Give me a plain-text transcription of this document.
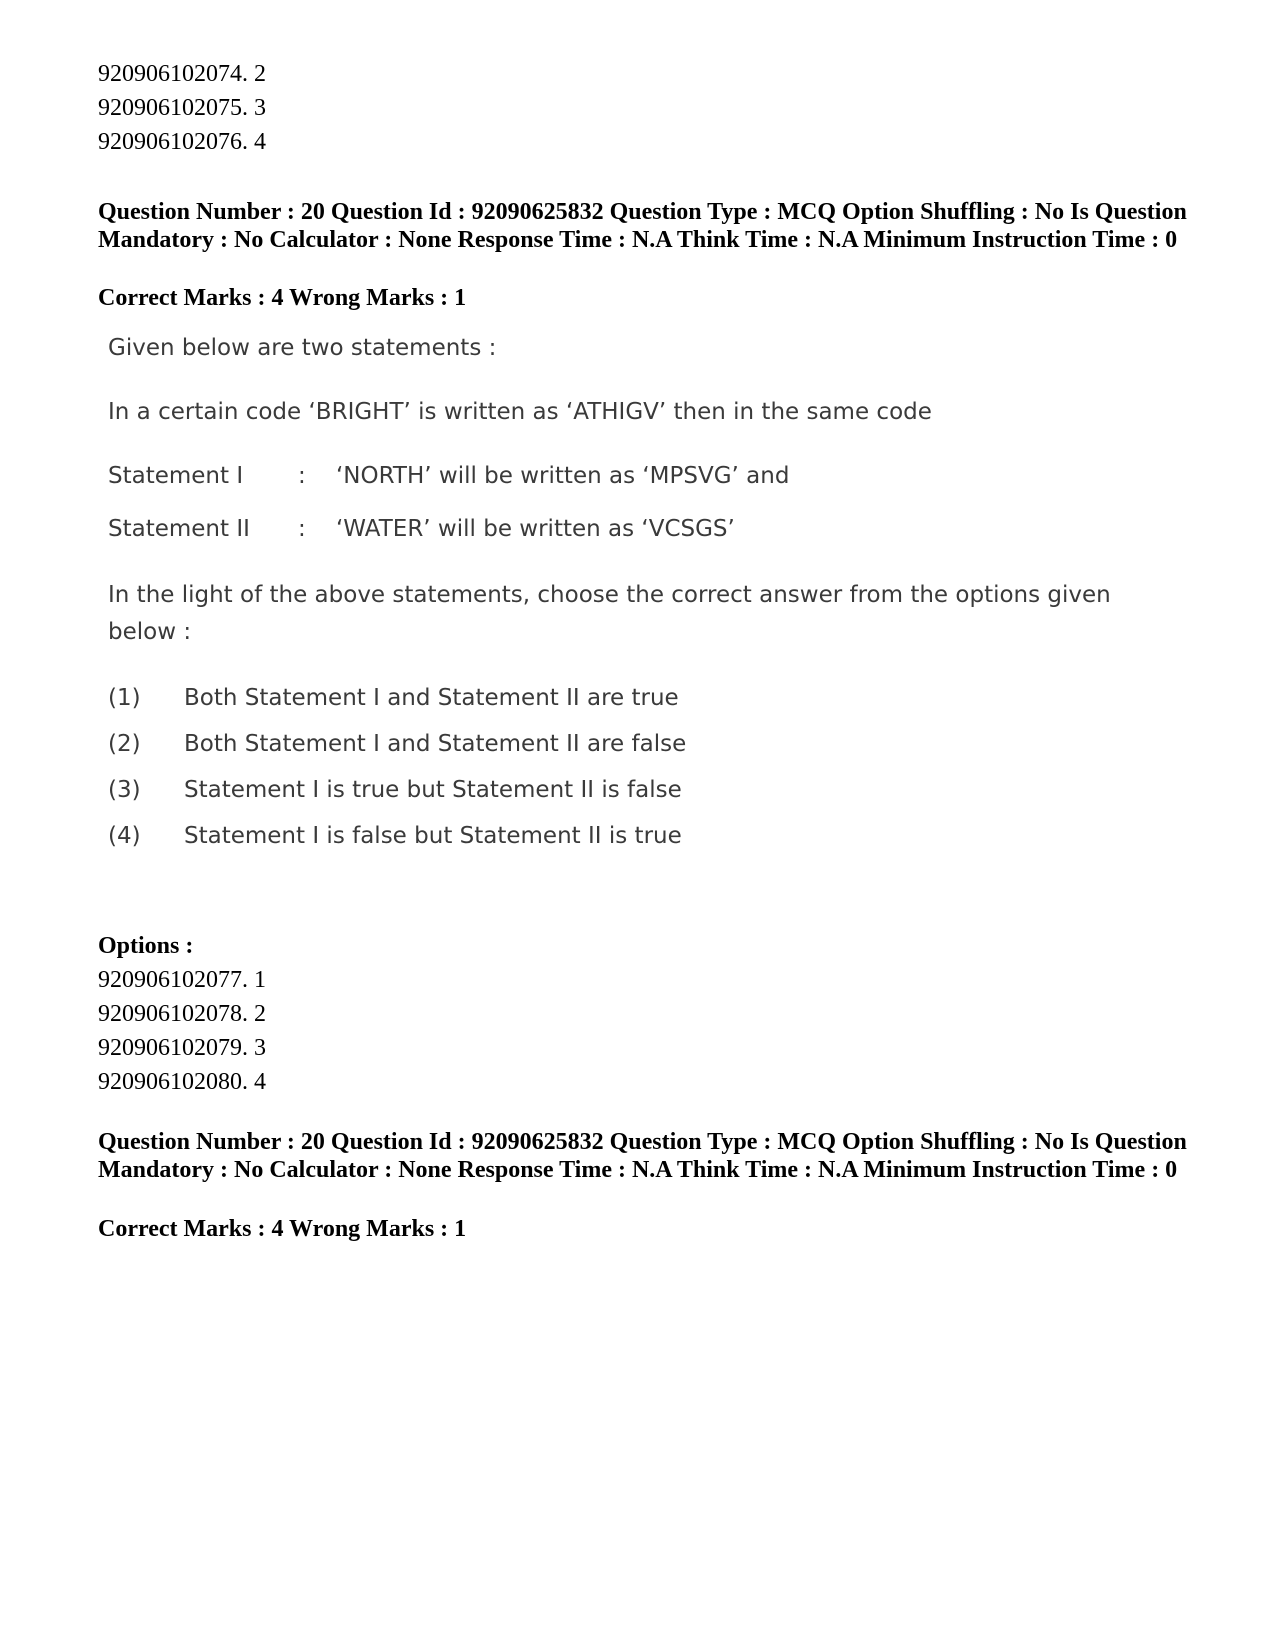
920906102074. 2
920906102075. 3
920906102076. 4
Question Number : 20 Question Id : 92090625832 Question Type : MCQ Option Shuffling : No Is Question Mandatory : No Calculator : None Response Time : N.A Think Time : N.A Minimum Instruction Time : 0
Correct Marks : 4 Wrong Marks : 1
Given below are two statements :
In a certain code ‘BRIGHT’ is written as ‘ATHIGV’ then in the same code
Statement I : ‘NORTH’ will be written as ‘MPSVG’ and
Statement II : ‘WATER’ will be written as ‘VCSGS’
In the light of the above statements, choose the correct answer from the options given
below :
(1) Both Statement I and Statement II are true
(2) Both Statement I and Statement II are false
(3) Statement I is true but Statement II is false
(4) Statement I is false but Statement II is true
Options :
920906102077. 1
920906102078. 2
920906102079. 3
920906102080. 4
Question Number : 20 Question Id : 92090625832 Question Type : MCQ Option Shuffling : No Is Question Mandatory : No Calculator : None Response Time : N.A Think Time : N.A Minimum Instruction Time : 0
Correct Marks : 4 Wrong Marks : 1
